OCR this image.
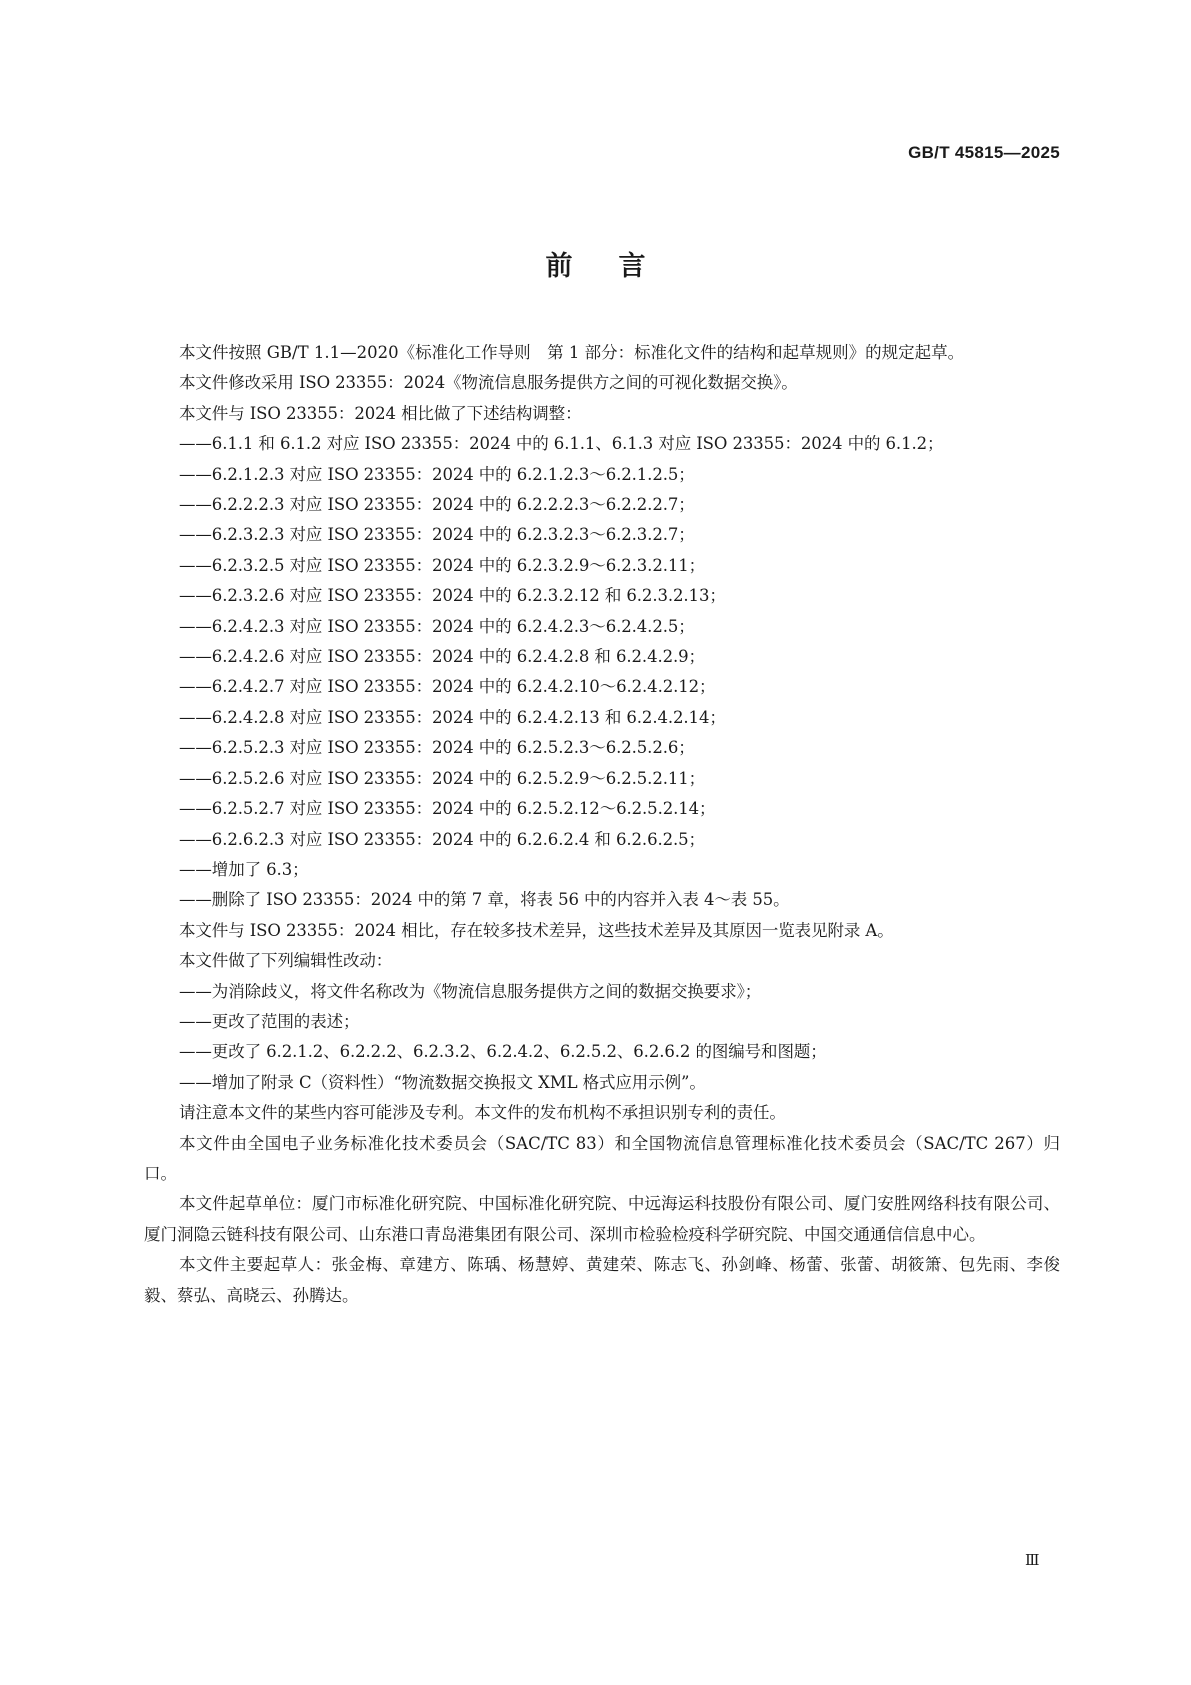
GB/T 45815—2025
前言

本文件按照 GB/T 1.1—2020《标准化工作导则　第 1 部分：标准化文件的结构和起草规则》的规定起草。

本文件修改采用 ISO 23355：2024《物流信息服务提供方之间的可视化数据交换》。

本文件与 ISO 23355：2024 相比做了下述结构调整：

——6.1.1 和 6.1.2 对应 ISO 23355：2024 中的 6.1.1、6.1.3 对应 ISO 23355：2024 中的 6.1.2；

——6.2.1.2.3 对应 ISO 23355：2024 中的 6.2.1.2.3～6.2.1.2.5；

——6.2.2.2.3 对应 ISO 23355：2024 中的 6.2.2.2.3～6.2.2.2.7；

——6.2.3.2.3 对应 ISO 23355：2024 中的 6.2.3.2.3～6.2.3.2.7；

——6.2.3.2.5 对应 ISO 23355：2024 中的 6.2.3.2.9～6.2.3.2.11；

——6.2.3.2.6 对应 ISO 23355：2024 中的 6.2.3.2.12 和 6.2.3.2.13；

——6.2.4.2.3 对应 ISO 23355：2024 中的 6.2.4.2.3～6.2.4.2.5；

——6.2.4.2.6 对应 ISO 23355：2024 中的 6.2.4.2.8 和 6.2.4.2.9；

——6.2.4.2.7 对应 ISO 23355：2024 中的 6.2.4.2.10～6.2.4.2.12；

——6.2.4.2.8 对应 ISO 23355：2024 中的 6.2.4.2.13 和 6.2.4.2.14；

——6.2.5.2.3 对应 ISO 23355：2024 中的 6.2.5.2.3～6.2.5.2.6；

——6.2.5.2.6 对应 ISO 23355：2024 中的 6.2.5.2.9～6.2.5.2.11；

——6.2.5.2.7 对应 ISO 23355：2024 中的 6.2.5.2.12～6.2.5.2.14；

——6.2.6.2.3 对应 ISO 23355：2024 中的 6.2.6.2.4 和 6.2.6.2.5；

——增加了 6.3；

——删除了 ISO 23355：2024 中的第 7 章，将表 56 中的内容并入表 4～表 55。

本文件与 ISO 23355：2024 相比，存在较多技术差异，这些技术差异及其原因一览表见附录 A。

本文件做了下列编辑性改动：

——为消除歧义，将文件名称改为《物流信息服务提供方之间的数据交换要求》；

——更改了范围的表述；

——更改了 6.2.1.2、6.2.2.2、6.2.3.2、6.2.4.2、6.2.5.2、6.2.6.2 的图编号和图题；

——增加了附录 C（资料性）“物流数据交换报文 XML 格式应用示例”。

请注意本文件的某些内容可能涉及专利。本文件的发布机构不承担识别专利的责任。

本文件由全国电子业务标准化技术委员会（SAC/TC 83）和全国物流信息管理标准化技术委员会（SAC/TC 267）归口。

本文件起草单位：厦门市标准化研究院、中国标准化研究院、中远海运科技股份有限公司、厦门安胜网络科技有限公司、厦门洞隐云链科技有限公司、山东港口青岛港集团有限公司、深圳市检验检疫科学研究院、中国交通通信信息中心。

本文件主要起草人：张金梅、章建方、陈瑀、杨慧婷、黄建荣、陈志飞、孙剑峰、杨蕾、张蕾、胡筱箫、包先雨、李俊毅、蔡弘、高晓云、孙腾达。

Ⅲ
